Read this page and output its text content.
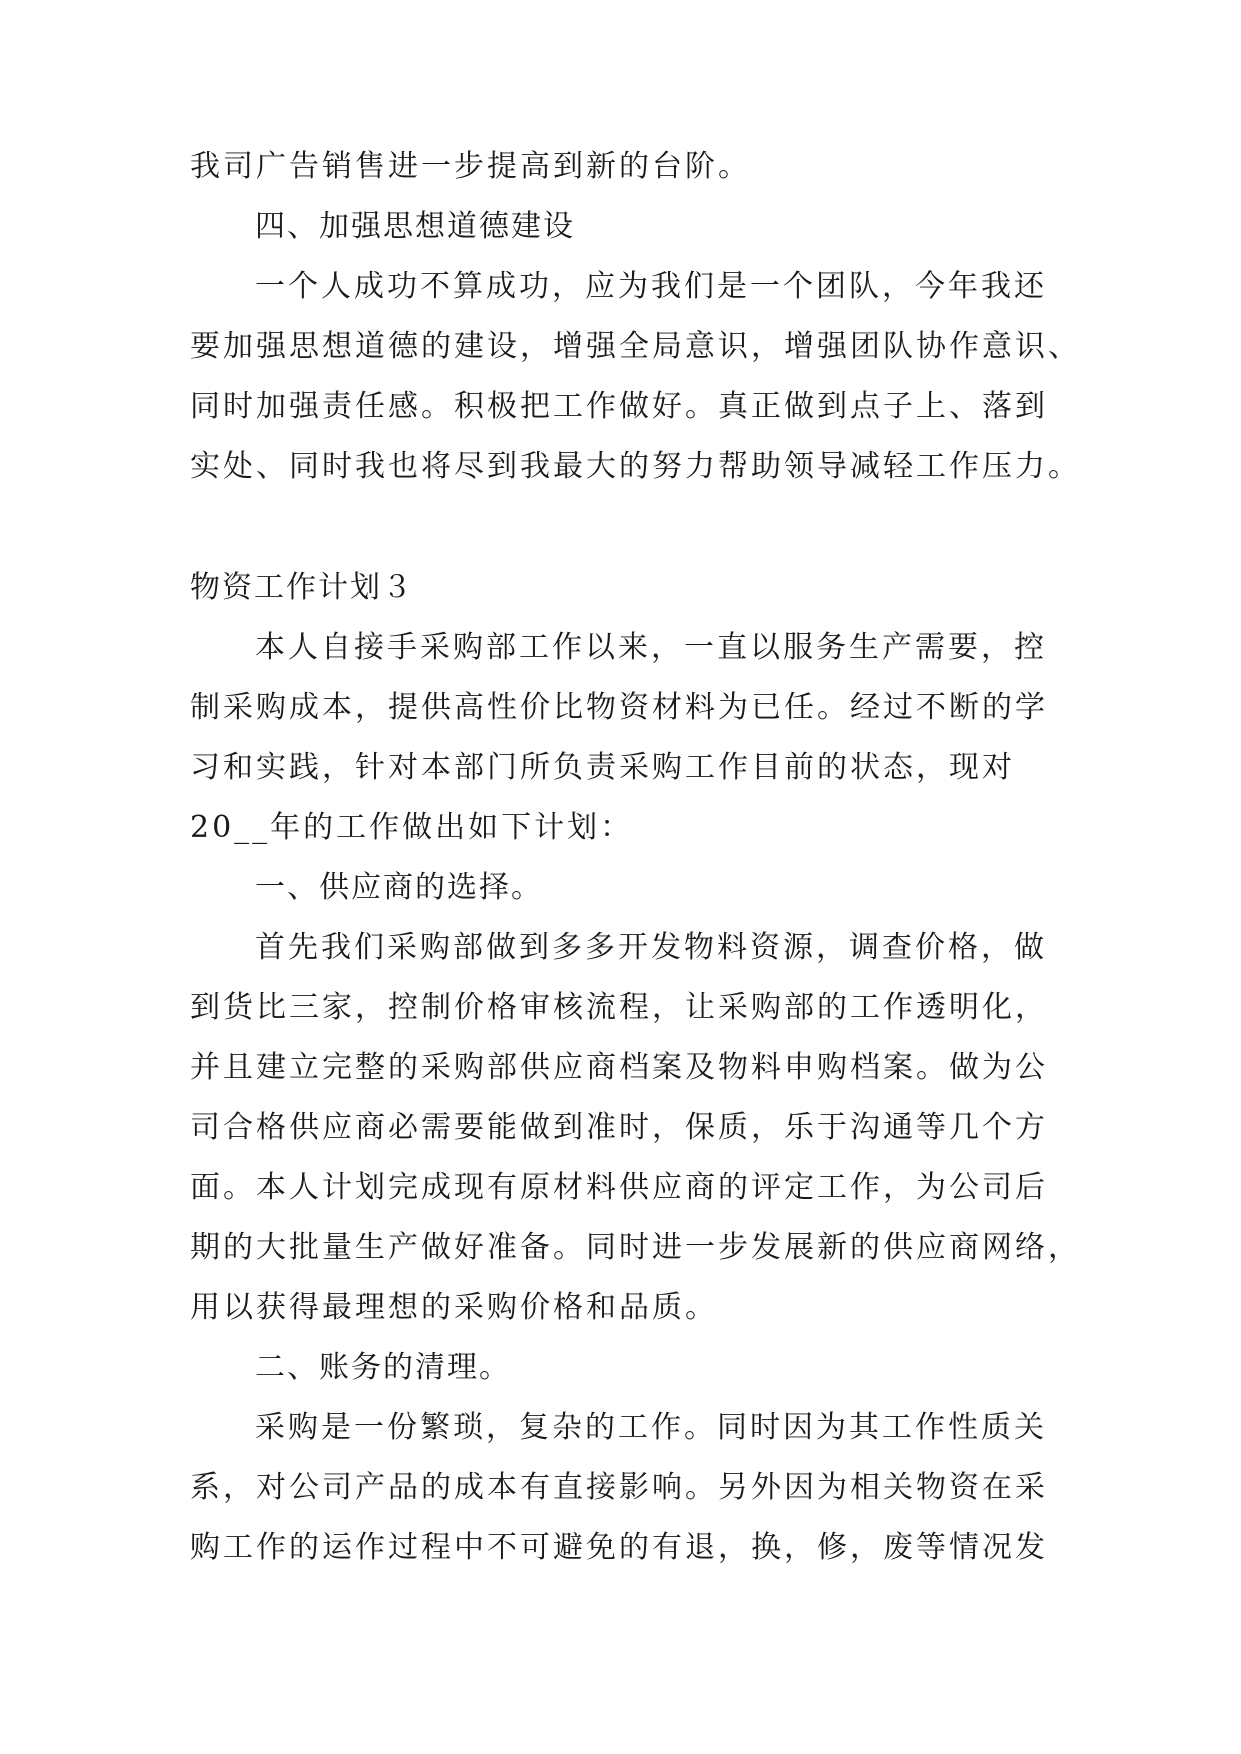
我司广告销售进一步提高到新的台阶。
四、加强思想道德建设
一个人成功不算成功，应为我们是一个团队，今年我还
要加强思想道德的建设，增强全局意识，增强团队协作意识、
同时加强责任感。积极把工作做好。真正做到点子上、落到
实处、同时我也将尽到我最大的努力帮助领导减轻工作压力。
物资工作计划３
本人自接手采购部工作以来，一直以服务生产需要，控
制采购成本，提供高性价比物资材料为已任。经过不断的学
习和实践，针对本部门所负责采购工作目前的状态，现对
20__年的工作做出如下计划：
一、供应商的选择。
首先我们采购部做到多多开发物料资源，调查价格，做
到货比三家，控制价格审核流程，让采购部的工作透明化，
并且建立完整的采购部供应商档案及物料申购档案。做为公
司合格供应商必需要能做到准时，保质，乐于沟通等几个方
面。本人计划完成现有原材料供应商的评定工作，为公司后
期的大批量生产做好准备。同时进一步发展新的供应商网络，
用以获得最理想的采购价格和品质。
二、账务的清理。
采购是一份繁琐，复杂的工作。同时因为其工作性质关
系，对公司产品的成本有直接影响。另外因为相关物资在采
购工作的运作过程中不可避免的有退，换，修，废等情况发
